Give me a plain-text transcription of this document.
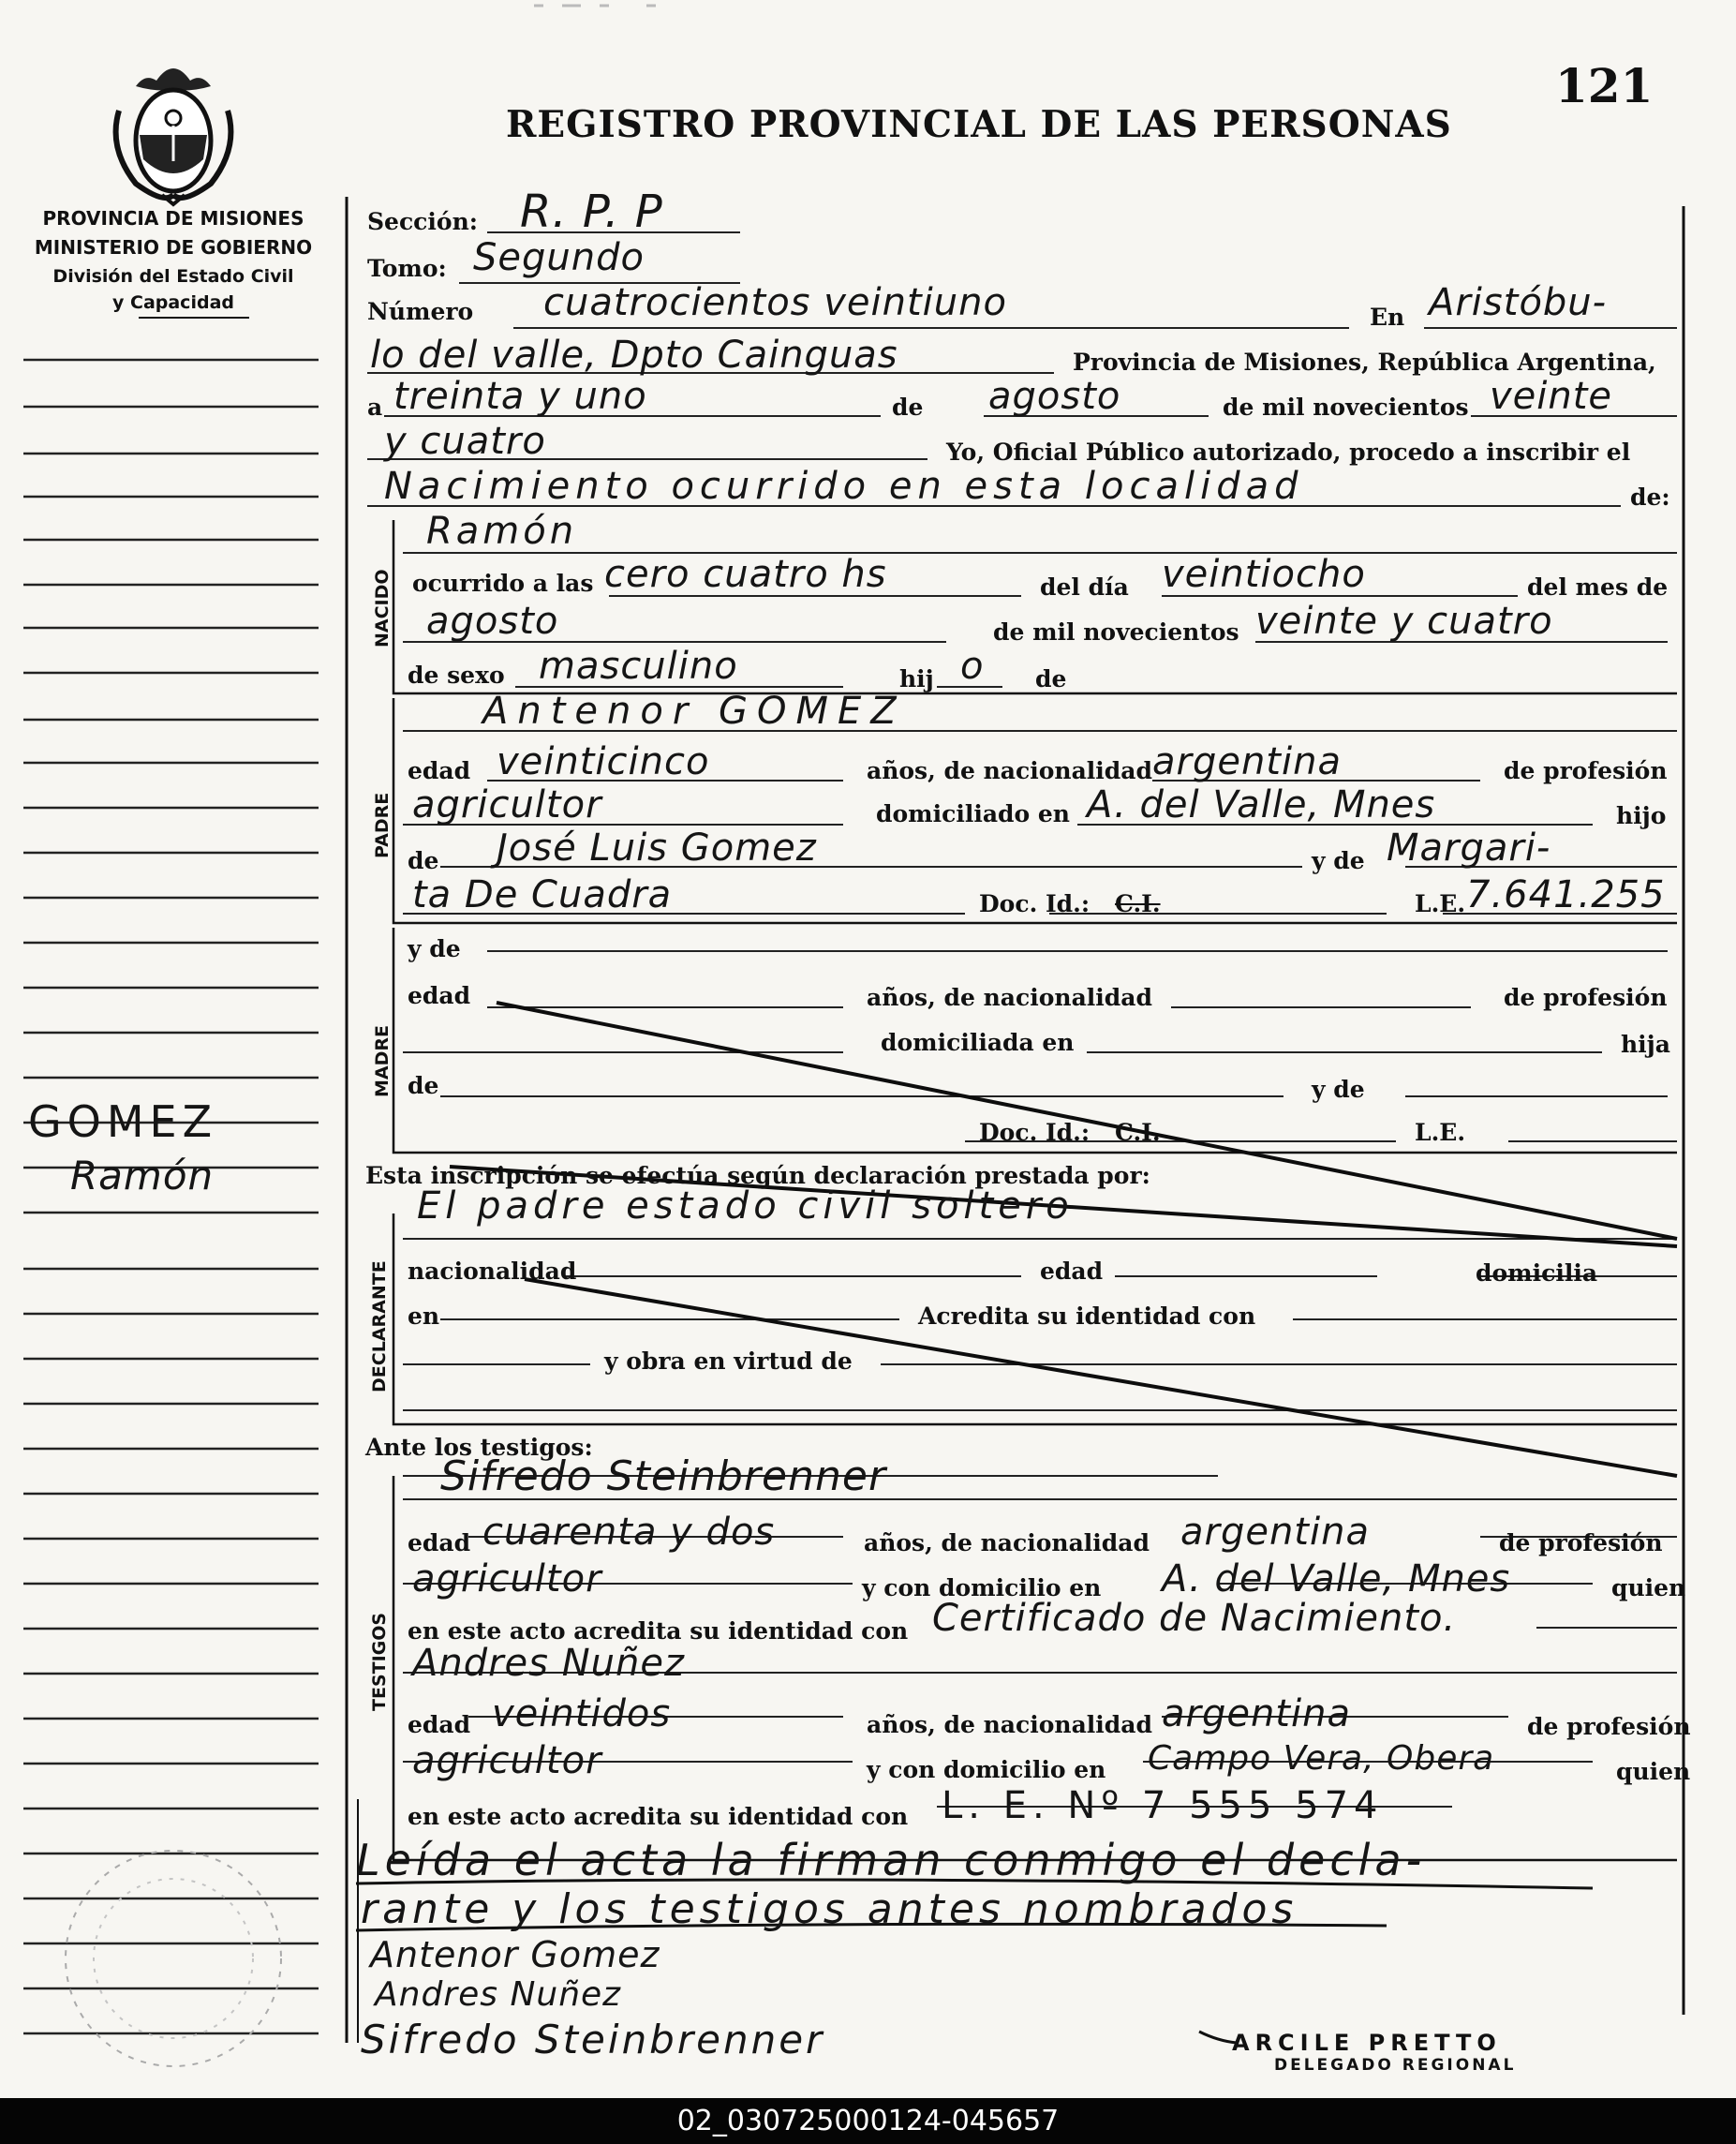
121
REGISTRO PROVINCIAL DE LAS PERSONAS
PROVINCIA DE MISIONES
MINISTERIO DE GOBIERNO
División del Estado Civil
y Capacidad
GOMEZ
Ramón
Sección: R. P. P
Tomo: Segundo
Número cuatrocientos veintiuno	En Aristóbu-
lo del valle, Dpto Cainguas	Provincia de Misiones, República Argentina,
a treinta y uno	de agosto	de mil novecientos veinte
y cuatro	Yo, Oficial Público autorizado, procedo a inscribir el
Nacimiento ocurrido en esta localidad	de:
NACIDO
Ramón
ocurrido a las cero cuatro hs	del día veintiocho	del mes de
agosto	de mil novecientos veinte y cuatro
de sexo masculino	hij o de
PADRE
Antenor GOMEZ
edad veinticinco	años, de nacionalidad argentina	de profesión
agricultor	domiciliado en A. del Valle, Mnes	hijo
de José Luis Gomez	y de Margari-
ta De Cuadra	Doc. Id.: C.I.	L.E. 7.641.255
MADRE
y de
edad	años, de nacionalidad	de profesión
domiciliada en	hija
de	y de
Doc. Id.: C.I.	L.E.
Esta inscripción se efectúa según declaración prestada por:
DECLARANTE
El padre estado civil soltero
nacionalidad	edad	domicilia
en	Acredita su identidad con
y obra en virtud de
Ante los testigos:
TESTIGOS
Sifredo Steinbrenner
edad cuarenta y dos	años, de nacionalidad argentina	de profesión
agricultor	y con domicilio en A. del Valle, Mnes	quien
en este acto acredita su identidad con Certificado de Nacimiento.
Andres Nuñez
edad veintidos	años, de nacionalidad argentina	de profesión
agricultor	y con domicilio en Campo Vera, Obera	quien
en este acto acredita su identidad con L. E. Nº 7 555 574
Leída el acta la firman conmigo el decla-
rante y los testigos antes nombrados
Antenor Gomez
Andres Nuñez
Sifredo Steinbrenner	ARCILE PRETTO
DELEGADO REGIONAL
02_030725000124-045657
